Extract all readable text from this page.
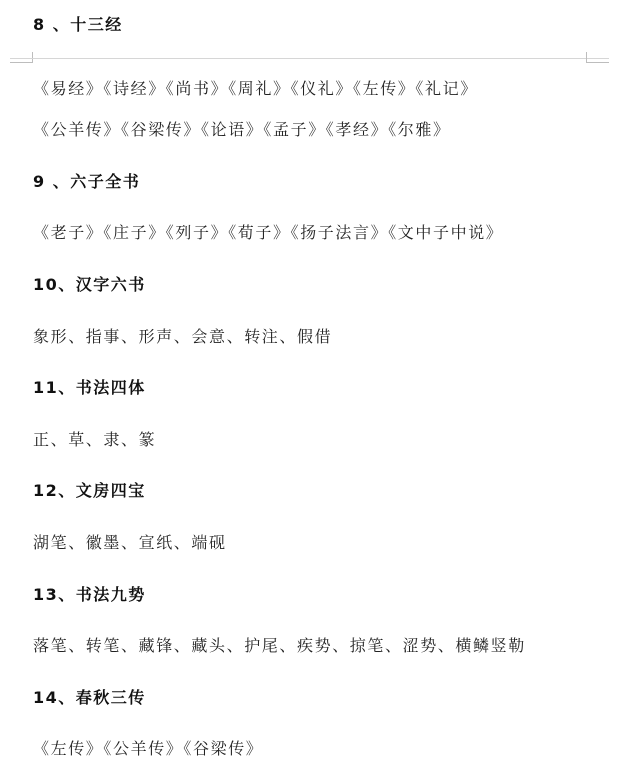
8 、十三经
《易经》《诗经》《尚书》《周礼》《仪礼》《左传》《礼记》
《公羊传》《谷梁传》《论语》《孟子》《孝经》《尔雅》
9 、六子全书
《老子》《庄子》《列子》《荀子》《扬子法言》《文中子中说》
10、汉字六书
象形、指事、形声、会意、转注、假借
11、书法四体
正、草、隶、篆
12、文房四宝
湖笔、徽墨、宣纸、端砚
13、书法九势
落笔、转笔、藏锋、藏头、护尾、疾势、掠笔、涩势、横鳞竖勒
14、春秋三传
《左传》《公羊传》《谷梁传》
